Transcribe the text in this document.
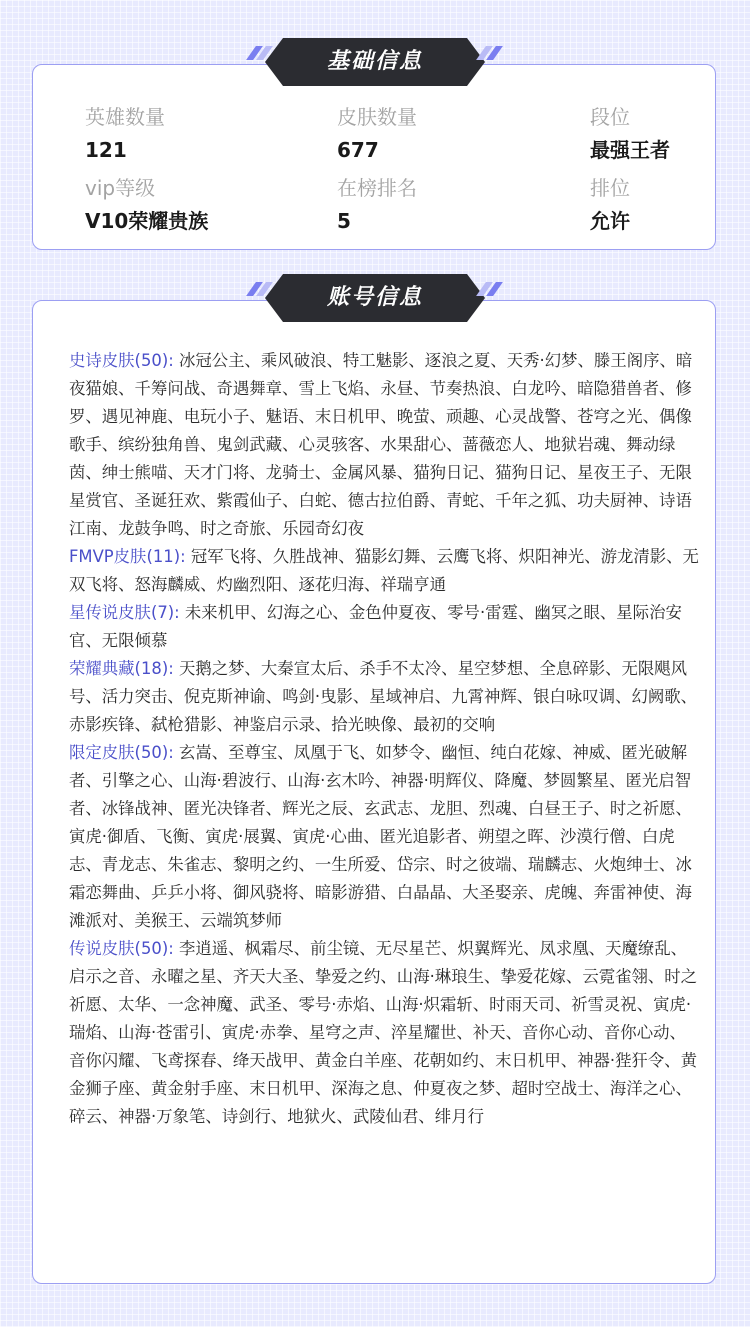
英雄数量
121
皮肤数量
677
段位
最强王者
vip等级
V10荣耀贵族
在榜排名
5
排位
允许
史诗皮肤(50): 冰冠公主、乘风破浪、特工魅影、逐浪之夏、天秀·幻梦、滕王阁序、暗夜猫娘、千筹问战、奇遇舞章、雪上飞焰、永昼、节奏热浪、白龙吟、暗隐猎兽者、修罗、遇见神鹿、电玩小子、魅语、末日机甲、晚萤、顽趣、心灵战警、苍穹之光、偶像歌手、缤纷独角兽、鬼剑武藏、心灵骇客、水果甜心、蔷薇恋人、地狱岩魂、舞动绿茵、绅士熊喵、天才门将、龙骑士、金属风暴、猫狗日记、猫狗日记、星夜王子、无限星赏官、圣诞狂欢、紫霞仙子、白蛇、德古拉伯爵、青蛇、千年之狐、功夫厨神、诗语江南、龙鼓争鸣、时之奇旅、乐园奇幻夜
FMVP皮肤(11): 冠军飞将、久胜战神、猫影幻舞、云鹰飞将、炽阳神光、游龙清影、无双飞将、怒海麟威、灼幽烈阳、逐花归海、祥瑞亨通
星传说皮肤(7): 未来机甲、幻海之心、金色仲夏夜、零号·雷霆、幽冥之眼、星际治安官、无限倾慕
荣耀典藏(18): 天鹅之梦、大秦宣太后、杀手不太冷、星空梦想、全息碎影、无限飓风号、活力突击、倪克斯神谕、鸣剑·曳影、星域神启、九霄神辉、银白咏叹调、幻阙歌、赤影疾锋、弑枪猎影、神鉴启示录、拾光映像、最初的交响
限定皮肤(50): 玄嵩、至尊宝、凤凰于飞、如梦令、幽恒、纯白花嫁、神威、匿光破解者、引擎之心、山海·碧波行、山海·玄木吟、神器·明辉仪、降魔、梦圆繁星、匿光启智者、冰锋战神、匿光决锋者、辉光之辰、玄武志、龙胆、烈魂、白昼王子、时之祈愿、寅虎·御盾、飞衡、寅虎·展翼、寅虎·心曲、匿光追影者、朔望之晖、沙漠行僧、白虎志、青龙志、朱雀志、黎明之约、一生所爱、岱宗、时之彼端、瑞麟志、火炮绅士、冰霜恋舞曲、乒乒小将、御风骁将、暗影游猎、白晶晶、大圣娶亲、虎魄、奔雷神使、海滩派对、美猴王、云端筑梦师
传说皮肤(50): 李逍遥、枫霜尽、前尘镜、无尽星芒、炽翼辉光、凤求凰、天魔缭乱、启示之音、永曜之星、齐天大圣、挚爱之约、山海·琳琅生、挚爱花嫁、云霓雀翎、时之祈愿、太华、一念神魔、武圣、零号·赤焰、山海·炽霜斩、时雨天司、祈雪灵祝、寅虎·瑞焰、山海·苍雷引、寅虎·赤拳、星穹之声、淬星耀世、补天、音你心动、音你心动、音你闪耀、飞鸢探春、绛天战甲、黄金白羊座、花朝如约、末日机甲、神器·狴犴令、黄金狮子座、黄金射手座、末日机甲、深海之息、仲夏夜之梦、超时空战士、海洋之心、碎云、神器·万象笔、诗剑行、地狱火、武陵仙君、绯月行
基础信息
账号信息
